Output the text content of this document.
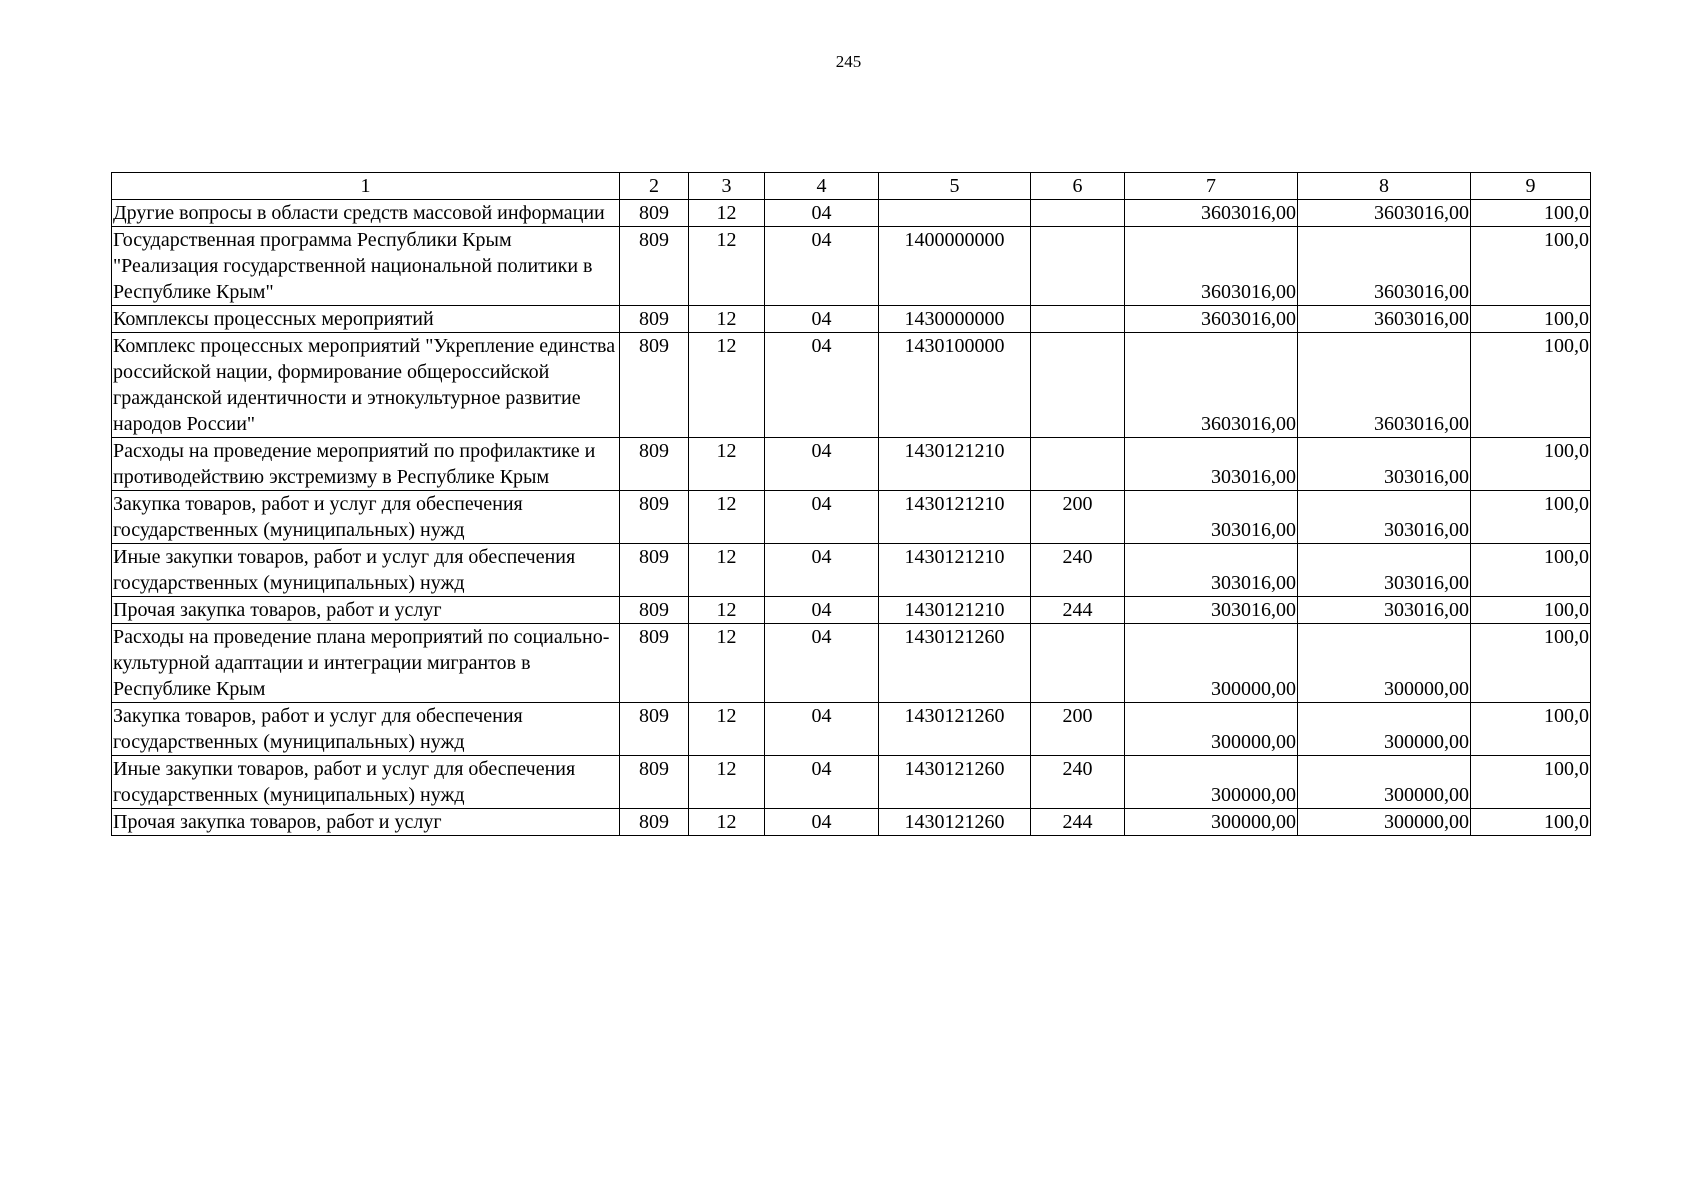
245
1	2	3	4	5	6	7	8	9
Другие вопросы в области средств массовой информации	809	12	04			3603016,00	3603016,00	100,0
Государственная программа Республики Крым "Реализация государственной национальной политики в Республике Крым"	809	12	04	1400000000		3603016,00	3603016,00	100,0
Комплексы процессных мероприятий	809	12	04	1430000000		3603016,00	3603016,00	100,0
Комплекс процессных мероприятий "Укрепление единства российской нации, формирование общероссийской гражданской идентичности и этнокультурное развитие народов России"	809	12	04	1430100000		3603016,00	3603016,00	100,0
Расходы на проведение мероприятий по профилактике и противодействию экстремизму в Республике Крым	809	12	04	1430121210		303016,00	303016,00	100,0
Закупка товаров, работ и услуг для обеспечения государственных (муниципальных) нужд	809	12	04	1430121210	200	303016,00	303016,00	100,0
Иные закупки товаров, работ и услуг для обеспечения государственных (муниципальных) нужд	809	12	04	1430121210	240	303016,00	303016,00	100,0
Прочая закупка товаров, работ и услуг	809	12	04	1430121210	244	303016,00	303016,00	100,0
Расходы на проведение плана мероприятий по социально-культурной адаптации и интеграции мигрантов в Республике Крым	809	12	04	1430121260		300000,00	300000,00	100,0
Закупка товаров, работ и услуг для обеспечения государственных (муниципальных) нужд	809	12	04	1430121260	200	300000,00	300000,00	100,0
Иные закупки товаров, работ и услуг для обеспечения государственных (муниципальных) нужд	809	12	04	1430121260	240	300000,00	300000,00	100,0
Прочая закупка товаров, работ и услуг	809	12	04	1430121260	244	300000,00	300000,00	100,0
